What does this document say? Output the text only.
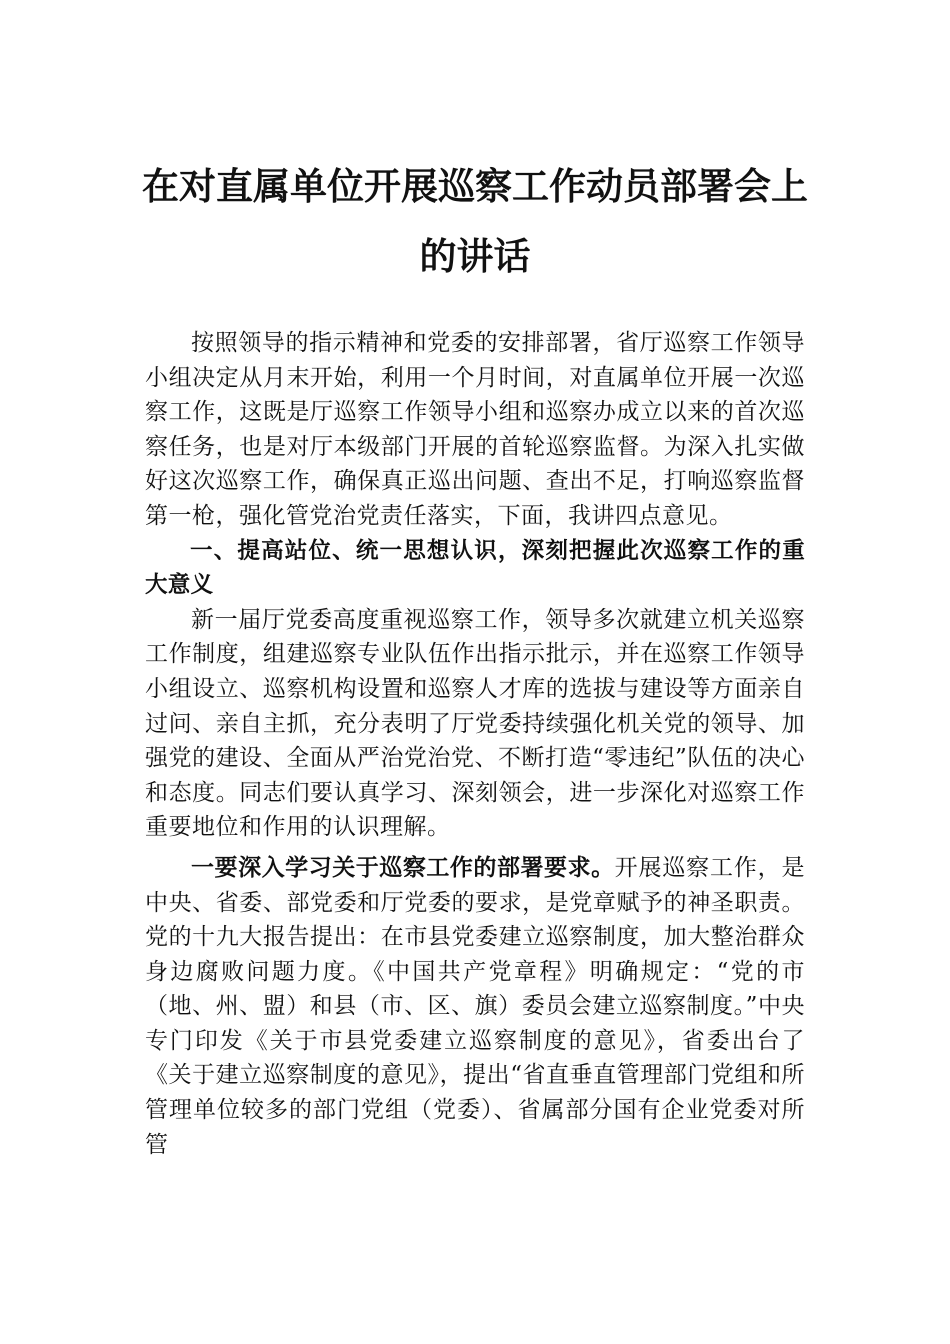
在对直属单位开展巡察工作动员部署会上
的讲话

按照领导的指示精神和党委的安排部署，省厅巡察工作领导小组决定从月末开始，利用一个月时间，对直属单位开展一次巡察工作，这既是厅巡察工作领导小组和巡察办成立以来的首次巡察任务，也是对厅本级部门开展的首轮巡察监督。为深入扎实做好这次巡察工作，确保真正巡出问题、查出不足，打响巡察监督第一枪，强化管党治党责任落实，下面，我讲四点意见。

一、提高站位、统一思想认识，深刻把握此次巡察工作的重大意义

新一届厅党委高度重视巡察工作，领导多次就建立机关巡察工作制度，组建巡察专业队伍作出指示批示，并在巡察工作领导小组设立、巡察机构设置和巡察人才库的选拔与建设等方面亲自过问、亲自主抓，充分表明了厅党委持续强化机关党的领导、加强党的建设、全面从严治党治党、不断打造“零违纪”队伍的决心和态度。同志们要认真学习、深刻领会，进一步深化对巡察工作重要地位和作用的认识理解。

一要深入学习关于巡察工作的部署要求。开展巡察工作，是中央、省委、部党委和厅党委的要求，是党章赋予的神圣职责。党的十九大报告提出：在市县党委建立巡察制度，加大整治群众身边腐败问题力度。《中国共产党章程》明确规定：“党的市（地、州、盟）和县（市、区、旗）委员会建立巡察制度。”中央专门印发《关于市县党委建立巡察制度的意见》，省委出台了《关于建立巡察制度的意见》，提出“省直垂直管理部门党组和所管理单位较多的部门党组（党委）、省属部分国有企业党委对所管
